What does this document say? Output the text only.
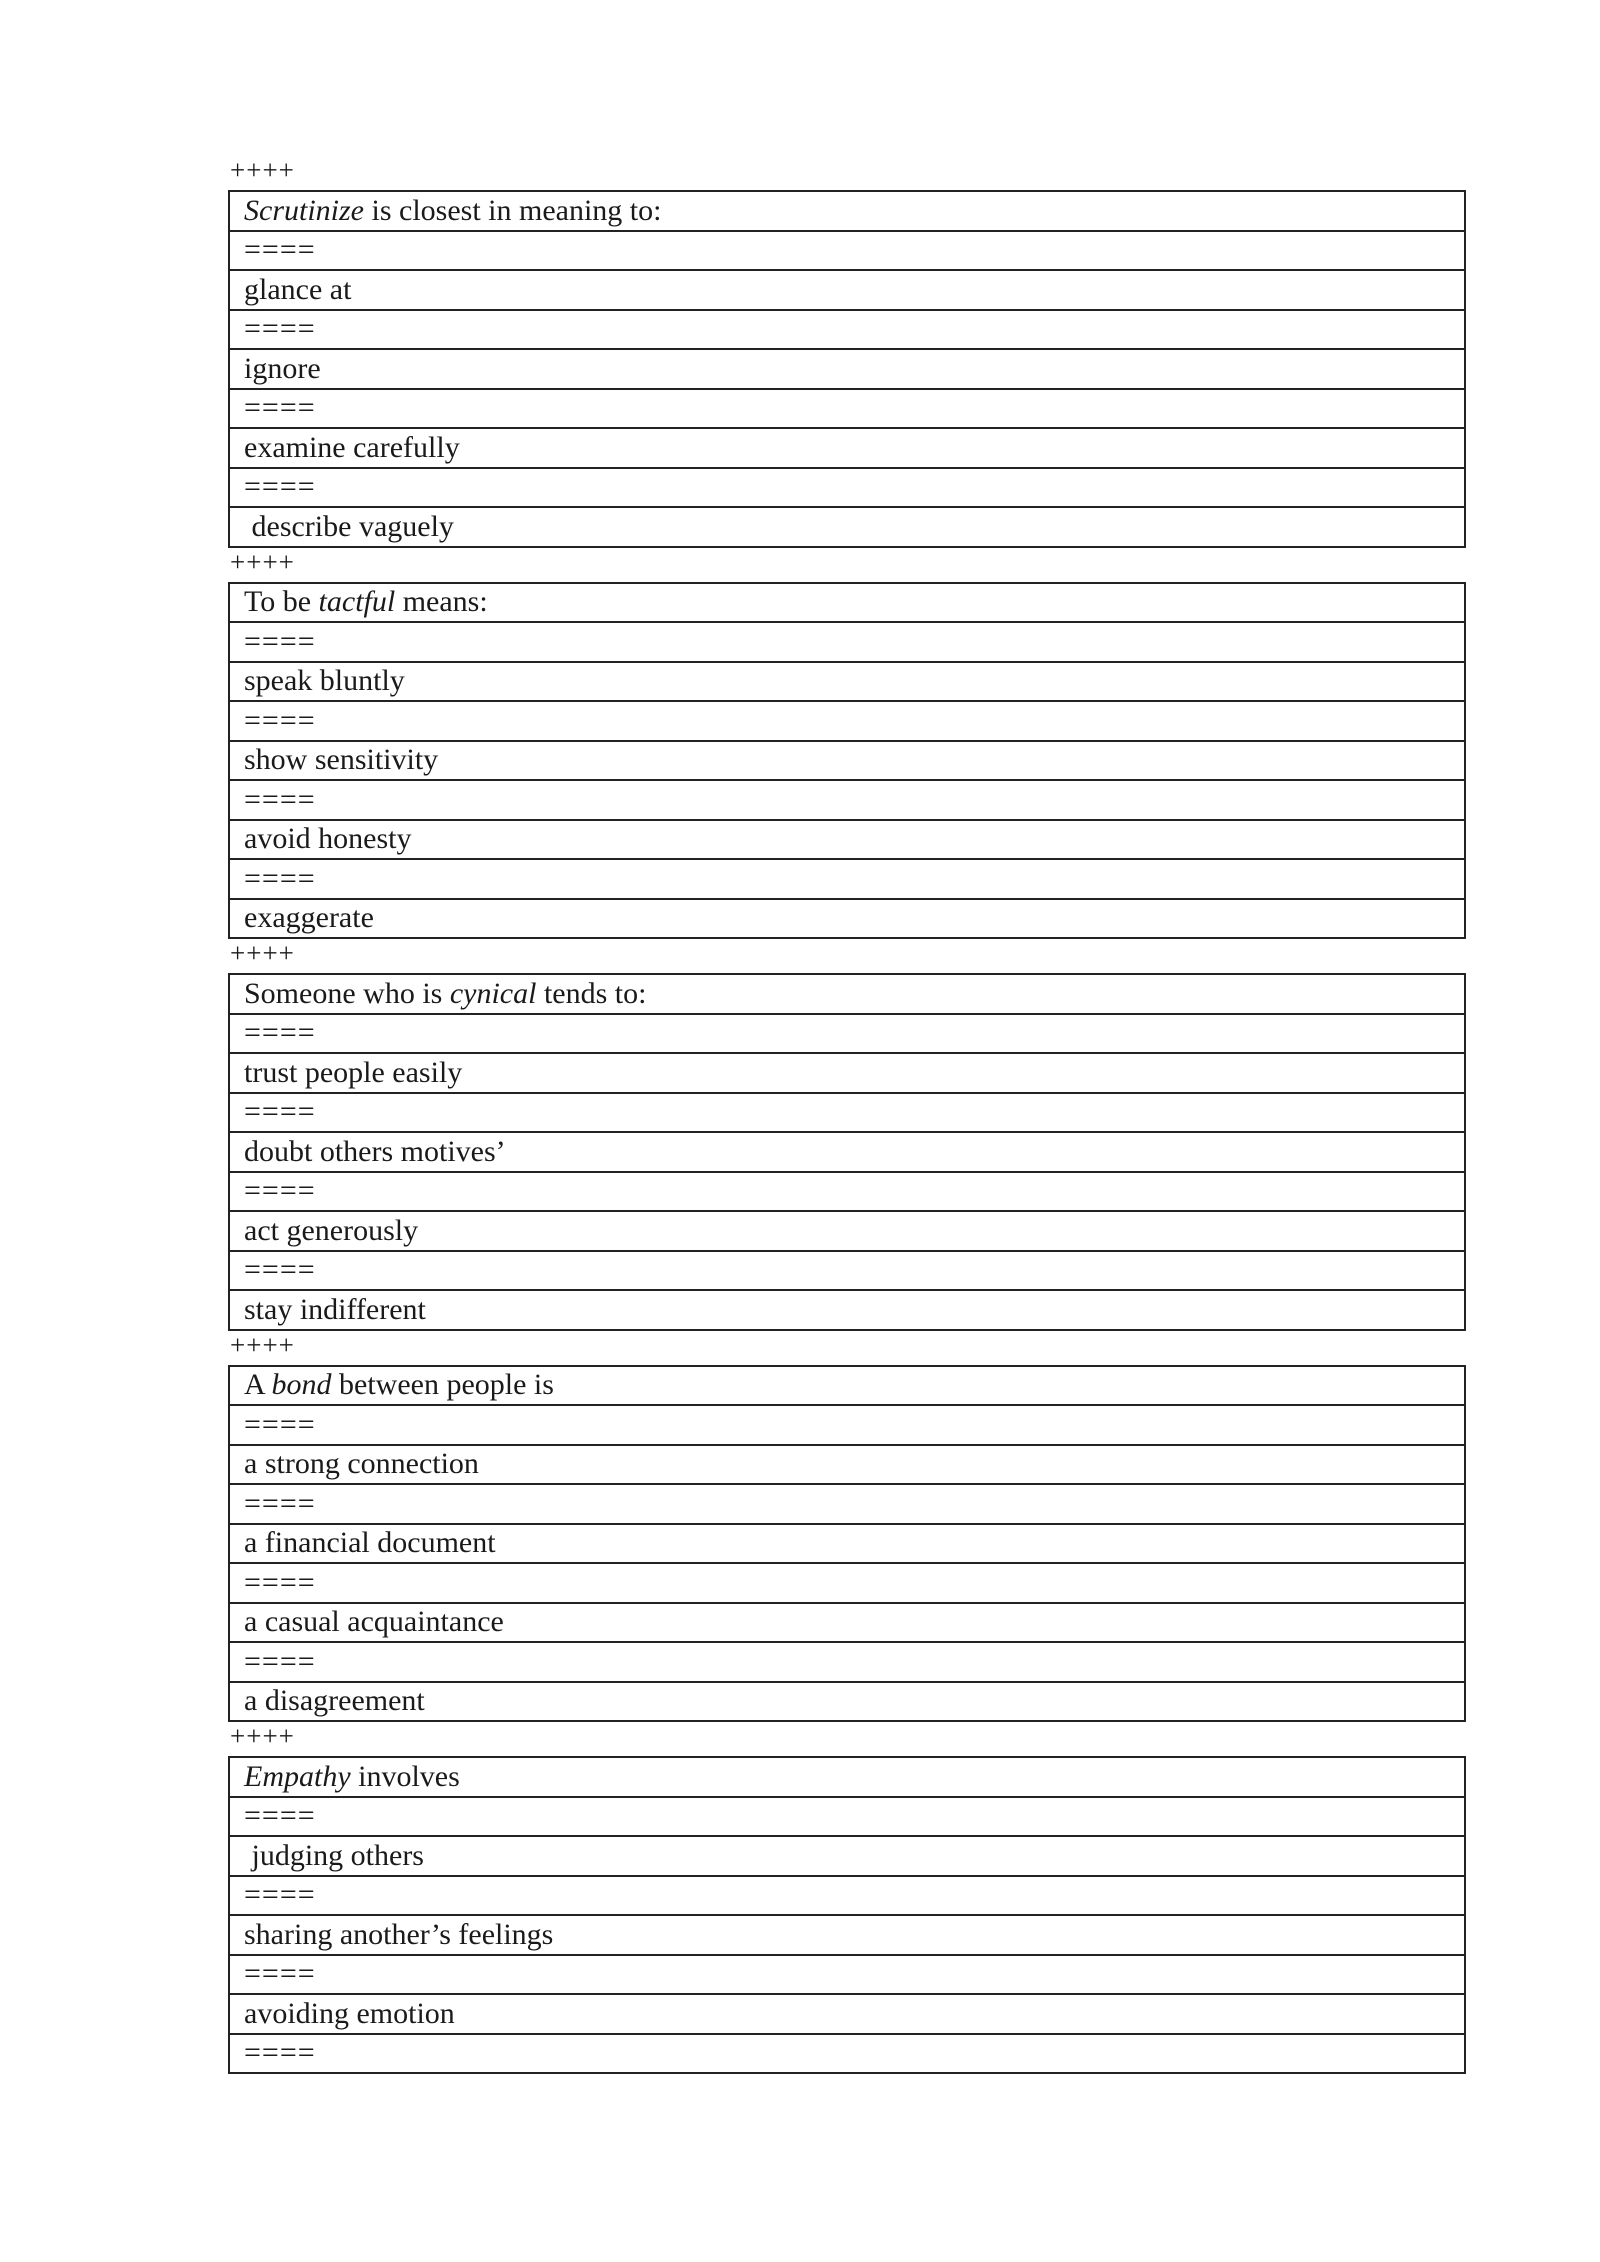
++++
Scrutinize is closest in meaning to:
====
glance at
====
ignore
====
examine carefully
====
describe vaguely
++++
To be tactful means:
====
speak bluntly
====
show sensitivity
====
avoid honesty
====
exaggerate
++++
Someone who is cynical tends to:
====
trust people easily
====
doubt others motives’
====
act generously
====
stay indifferent
++++
A bond between people is
====
a strong connection
====
a financial document
====
a casual acquaintance
====
a disagreement
++++
Empathy involves
====
judging others
====
sharing another’s feelings
====
avoiding emotion
====
